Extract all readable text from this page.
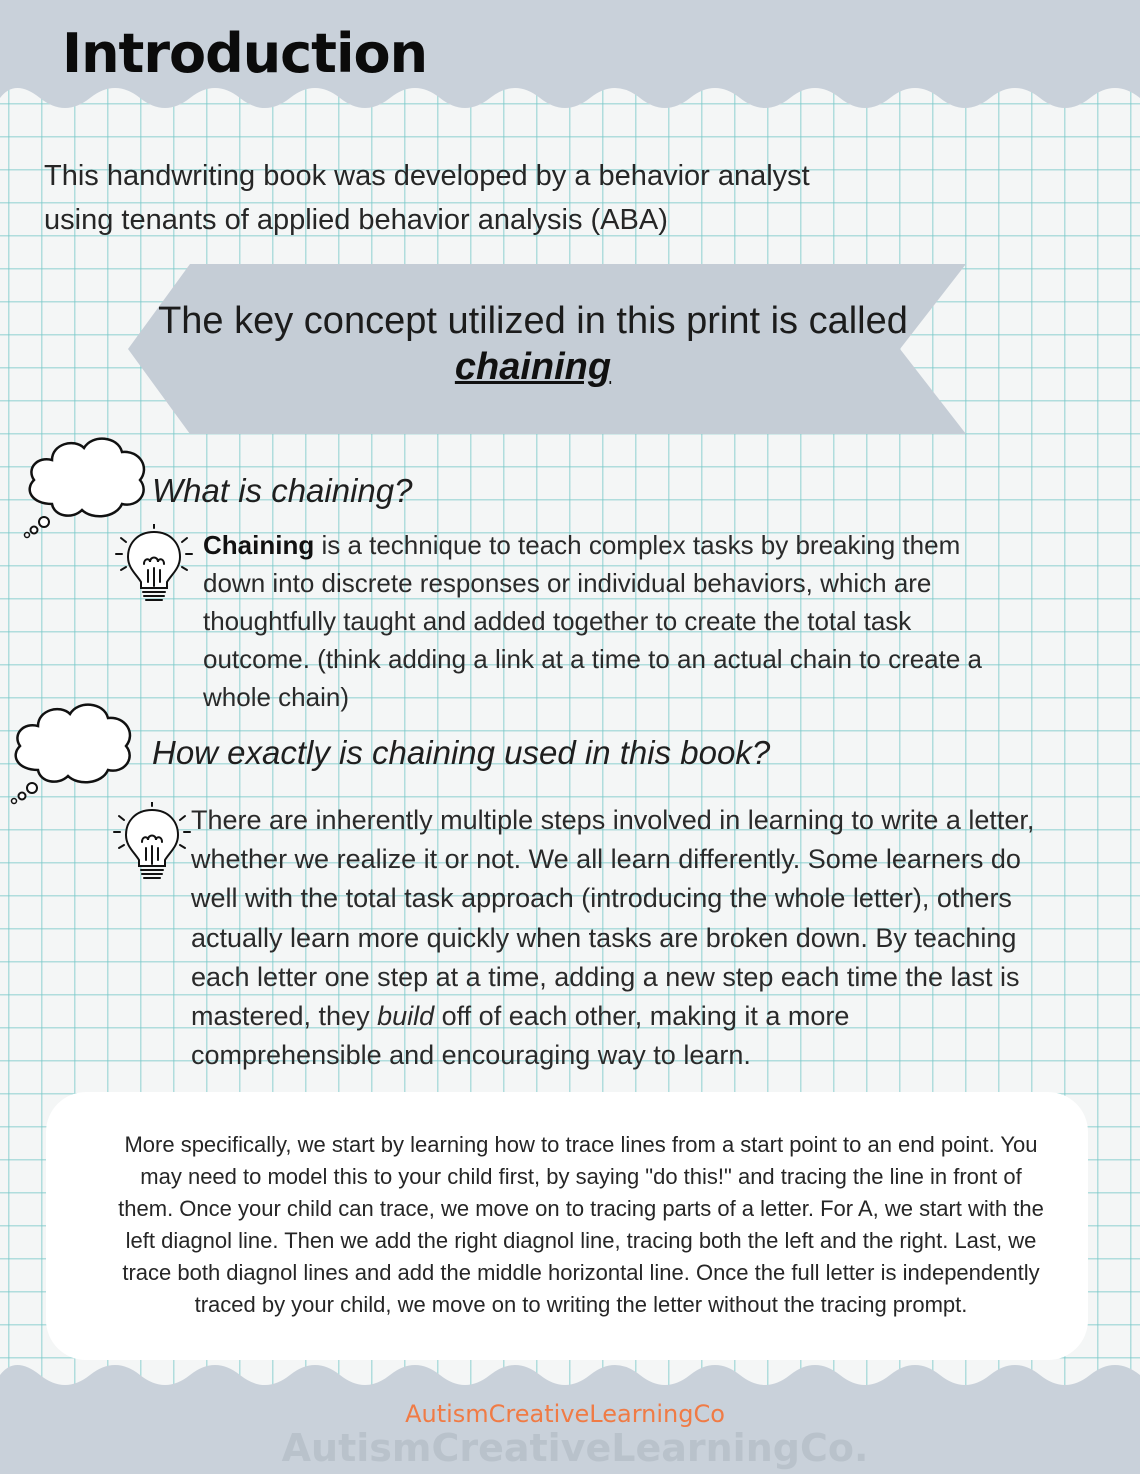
Introduction

This handwriting book was developed by a behavior analyst
using tenants of applied behavior analysis (ABA)

The key concept utilized in this print is called
chaining

What is chaining?

Chaining is a technique to teach complex tasks by breaking them
down into discrete responses or individual behaviors, which are
thoughtfully taught and added together to create the total task
outcome. (think adding a link at a time to an actual chain to create a
whole chain)

How exactly is chaining used in this book?

There are inherently multiple steps involved in learning to write a letter,
whether we realize it or not. We all learn differently. Some learners do
well with the total task approach (introducing the whole letter), others
actually learn more quickly when tasks are broken down. By teaching
each letter one step at a time, adding a new step each time the last is
mastered, they build off of each other, making it a more
comprehensible and encouraging way to learn.

More specifically, we start by learning how to trace lines from a start point to an end point. You
may need to model this to your child first, by saying "do this!" and tracing the line in front of
them. Once your child can trace, we move on to tracing parts of a letter. For A, we start with the
left diagnol line. Then we add the right diagnol line, tracing both the left and the right. Last, we
trace both diagnol lines and add the middle horizontal line. Once the full letter is independently
traced by your child, we move on to writing the letter without the tracing prompt.

AutismCreativeLearningCo
AutismCreativeLearningCo.
